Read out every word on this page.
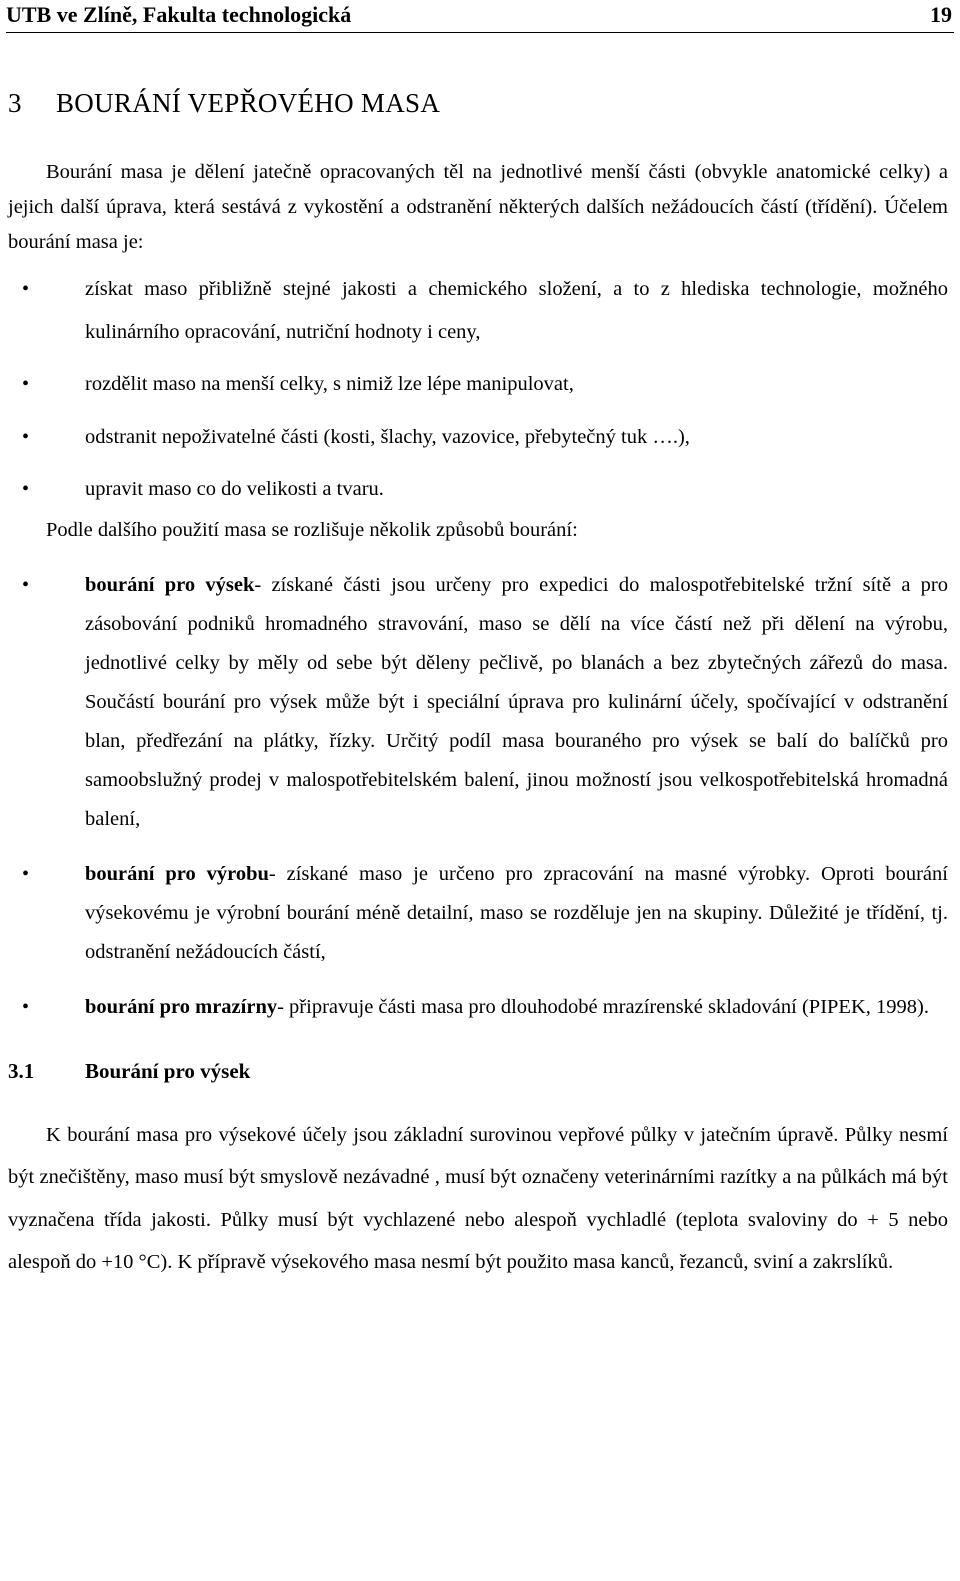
UTB ve Zlíně, Fakulta technologická	19
3 BOURÁNÍ VEPŘOVÉHO MASA

Bourání masa je dělení jatečně opracovaných těl na jednotlivé menší části (obvykle anatomické celky) a jejich další úprava, která sestává z vykostění a odstranění některých dalších nežádoucích částí (třídění). Účelem bourání masa je:

•	získat maso přibližně stejné jakosti a chemického složení, a to z hlediska technologie, možného kulinárního opracování, nutriční hodnoty i ceny,
•	rozdělit maso na menší celky, s nimiž lze lépe manipulovat,
•	odstranit nepoživatelné části (kosti, šlachy, vazovice, přebytečný tuk ….),
•	upravit maso co do velikosti a tvaru.

Podle dalšího použití masa se rozlišuje několik způsobů bourání:

•	bourání pro výsek- získané části jsou určeny pro expedici do malospotřebitelské tržní sítě a pro zásobování podniků hromadného stravování, maso se dělí na více částí než při dělení na výrobu, jednotlivé celky by měly od sebe být děleny pečlivě, po blanách a bez zbytečných zářezů do masa. Součástí bourání pro výsek může být i speciální úprava pro kulinární účely, spočívající v odstranění blan, předřezání na plátky, řízky. Určitý podíl masa bouraného pro výsek se balí do balíčků pro samoobslužný prodej v malospotřebitelském balení, jinou možností jsou velkospotřebitelská hromadná balení,
•	bourání pro výrobu- získané maso je určeno pro zpracování na masné výrobky. Oproti bourání výsekovému je výrobní bourání méně detailní, maso se rozděluje jen na skupiny. Důležité je třídění, tj. odstranění nežádoucích částí,
•	bourání pro mrazírny- připravuje části masa pro dlouhodobé mrazírenské skladování (PIPEK, 1998).
3.1 Bourání pro výsek

K bourání masa pro výsekové účely jsou základní surovinou vepřové půlky v jatečním úpravě. Půlky nesmí být znečištěny, maso musí být smyslově nezávadné , musí být označeny veterinárními razítky a na půlkách má být vyznačena třída jakosti. Půlky musí být vychlazené nebo alespoň vychladlé (teplota svaloviny do + 5 nebo alespoň do +10 °C). K přípravě výsekového masa nesmí být použito masa kanců, řezanců, sviní a zakrslíků.
